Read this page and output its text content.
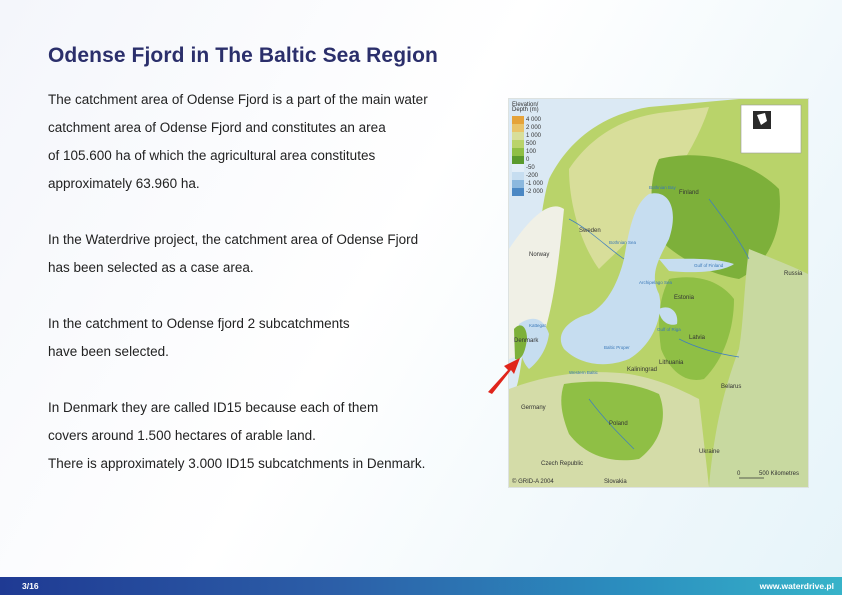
Odense Fjord in The Baltic Sea Region
The catchment area of Odense Fjord is a part of the main water
catchment area of Odense Fjord and constitutes an area
of 105.600 ha of which the agricultural area constitutes
approximately 63.960 ha.
In the Waterdrive project, the catchment area of Odense Fjord
has been selected as a case area.
In the catchment to Odense fjord 2 subcatchments
have been selected.
In Denmark they are called ID15 because each of them
covers around 1.500 hectares of arable land.
There is approximately 3.000 ID15 subcatchments in Denmark.
Elevation/
Depth (m)
Norway
Sweden
Finland
Russia
Estonia
Latvia
Lithuania
Denmark
Germany
Poland
Belarus
Ukraine
Czech Republic
Slovakia
Kaliningrad
Bothnian Bay
Bothnian Sea
Gulf of Finland
Gulf of Riga
Baltic Proper
Western Baltic
Kattegat
Archipelago Sea
0	500 Kilometres
© GRID-A 2004
4 000
2 000
1 000
500
100
0
-50
-200
-1 000
-2 000
3/16	www.waterdrive.pl
